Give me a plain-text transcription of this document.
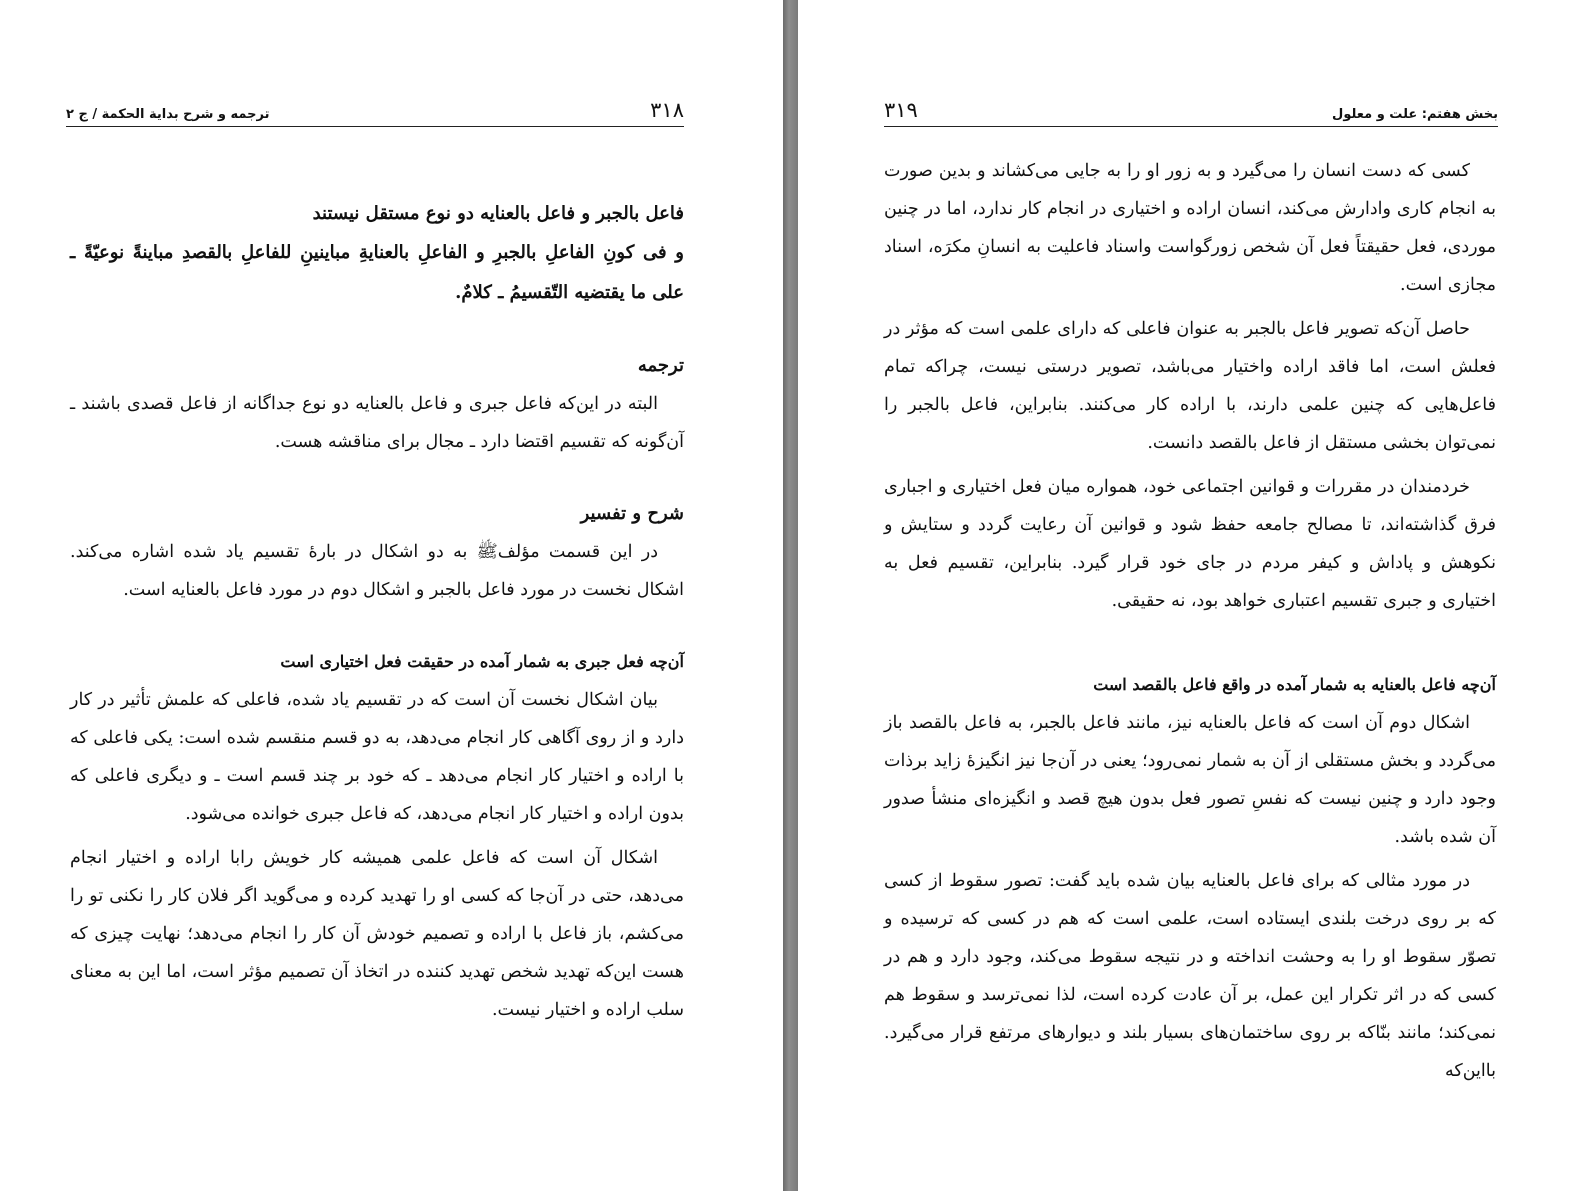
ترجمه و شرح بدایة الحکمة / ج ۲	۳۱۸
فاعل بالجبر و فاعل بالعنایه دو نوع مستقل نیستند

و فی کونِ الفاعلِ بالجبرِ و الفاعلِ بالعنایةِ مباینینِ للفاعلِ بالقصدِ مباینةً نوعیّةً ـ علی ما یقتضیه التّقسیمُ ـ کلامٌ.

ترجمه

البته در این‌که فاعل جبری و فاعل بالعنایه دو نوع جداگانه از فاعل قصدی باشند ـ آن‌گونه که تقسیم اقتضا دارد ـ مجال برای مناقشه هست.

شرح و تفسیر

در این قسمت مؤلف‌ﷺ به دو اشکال در بارهٔ تقسیم یاد شده اشاره می‌کند. اشکال نخست در مورد فاعل بالجبر و اشکال دوم در مورد فاعل بالعنایه است.

آن‌چه فعل جبری به شمار آمده در حقیقت فعل اختیاری است

بیان اشکال نخست آن است که در تقسیم یاد شده، فاعلی که علمش تأثیر در کار دارد و از روی آگاهی کار انجام می‌دهد، به دو قسم منقسم شده است: یکی فاعلی که با اراده و اختیار کار انجام می‌دهد ـ که خود بر چند قسم است ـ و دیگری فاعلی که بدون اراده و اختیار کار انجام می‌دهد، که فاعل جبری خوانده می‌شود.

اشکال آن است که فاعل علمی همیشه کار خویش رابا اراده و اختیار انجام می‌دهد، حتی در آن‌جا که کسی او را تهدید کرده و می‌گوید اگر فلان کار را نکنی تو را می‌کشم، باز فاعل با اراده و تصمیم خودش آن کار را انجام می‌دهد؛ نهایت چیزی که هست این‌که تهدید شخص تهدید کننده در اتخاذ آن تصمیم مؤثر است، اما این به معنای سلب اراده و اختیار نیست.

۳۱۹	بخش هفتم: علت و معلول

کسی که دست انسان را می‌گیرد و به زور او را به جایی می‌کشاند و بدین صورت به انجام کاری وادارش می‌کند، انسان اراده و اختیاری در انجام کار ندارد، اما در چنین موردی، فعل حقیقتاً فعل آن شخص زورگواست واسناد فاعلیت به انسانِ مکرَه، اسناد مجازی است.

حاصل آن‌که تصویر فاعل بالجبر به عنوان فاعلی که دارای علمی است که مؤثر در فعلش است، اما فاقد اراده واختیار می‌باشد، تصویر درستی نیست، چراکه تمام فاعل‌هایی که چنین علمی دارند، با اراده کار می‌کنند. بنابراین، فاعل بالجبر را نمی‌توان بخشی مستقل از فاعل بالقصد دانست.

خردمندان در مقررات و قوانین اجتماعی خود، همواره میان فعل اختیاری و اجباری فرق گذاشته‌اند، تا مصالح جامعه حفظ شود و قوانین آن رعایت گردد و ستایش و نکوهش و پاداش و کیفر مردم در جای خود قرار گیرد. بنابراین، تقسیم فعل به اختیاری و جبری تقسیم اعتباری خواهد بود، نه حقیقی.

آن‌چه فاعل بالعنایه به شمار آمده در واقع فاعل بالقصد است

اشکال دوم آن است که فاعل بالعنایه نیز، مانند فاعل بالجبر، به فاعل بالقصد باز می‌گردد و بخش مستقلی از آن به شمار نمی‌رود؛ یعنی در آن‌جا نیز انگیزهٔ زاید برذات وجود دارد و چنین نیست که نفسِ تصور فعل بدون هیچ قصد و انگیزه‌ای منشأ صدور آن شده باشد.

در مورد مثالی که برای فاعل بالعنایه بیان شده باید گفت: تصور سقوط از کسی که بر روی درخت بلندی ایستاده است، علمی است که هم در کسی که ترسیده و تصوّر سقوط او را به وحشت انداخته و در نتیجه سقوط می‌کند، وجود دارد و هم در کسی که در اثر تکرار این عمل، بر آن عادت کرده است، لذا نمی‌ترسد و سقوط هم نمی‌کند؛ مانند بنّاکه بر روی ساختمان‌های بسیار بلند و دیوارهای مرتفع قرار می‌گیرد. بااین‌که
